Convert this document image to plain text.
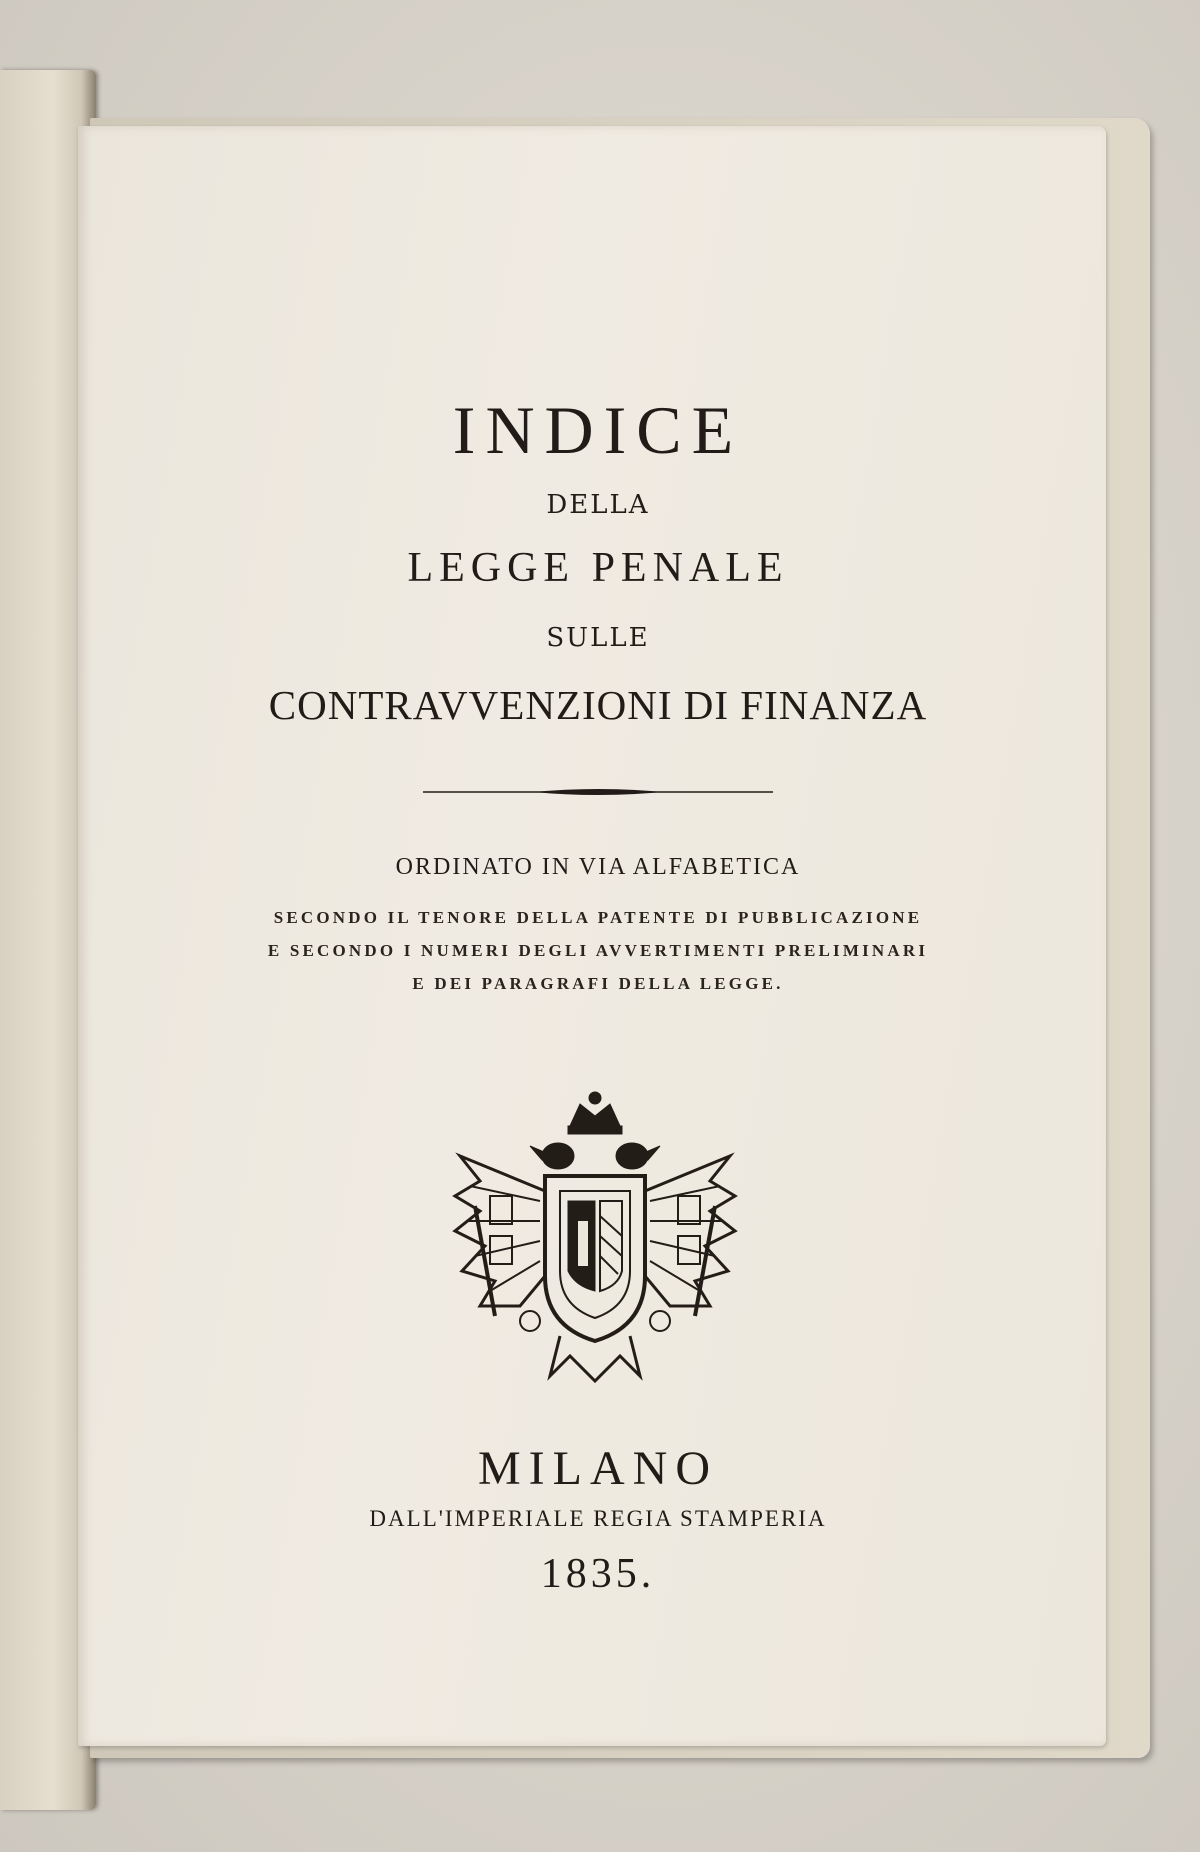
INDICE
DELLA
LEGGE PENALE
SULLE
CONTRAVVENZIONI DI FINANZA
ORDINATO IN VIA ALFABETICA
SECONDO IL TENORE DELLA PATENTE DI PUBBLICAZIONE
E SECONDO I NUMERI DEGLI AVVERTIMENTI PRELIMINARI
E DEI PARAGRAFI DELLA LEGGE.
MILANO
DALL'IMPERIALE REGIA STAMPERIA
1835.
